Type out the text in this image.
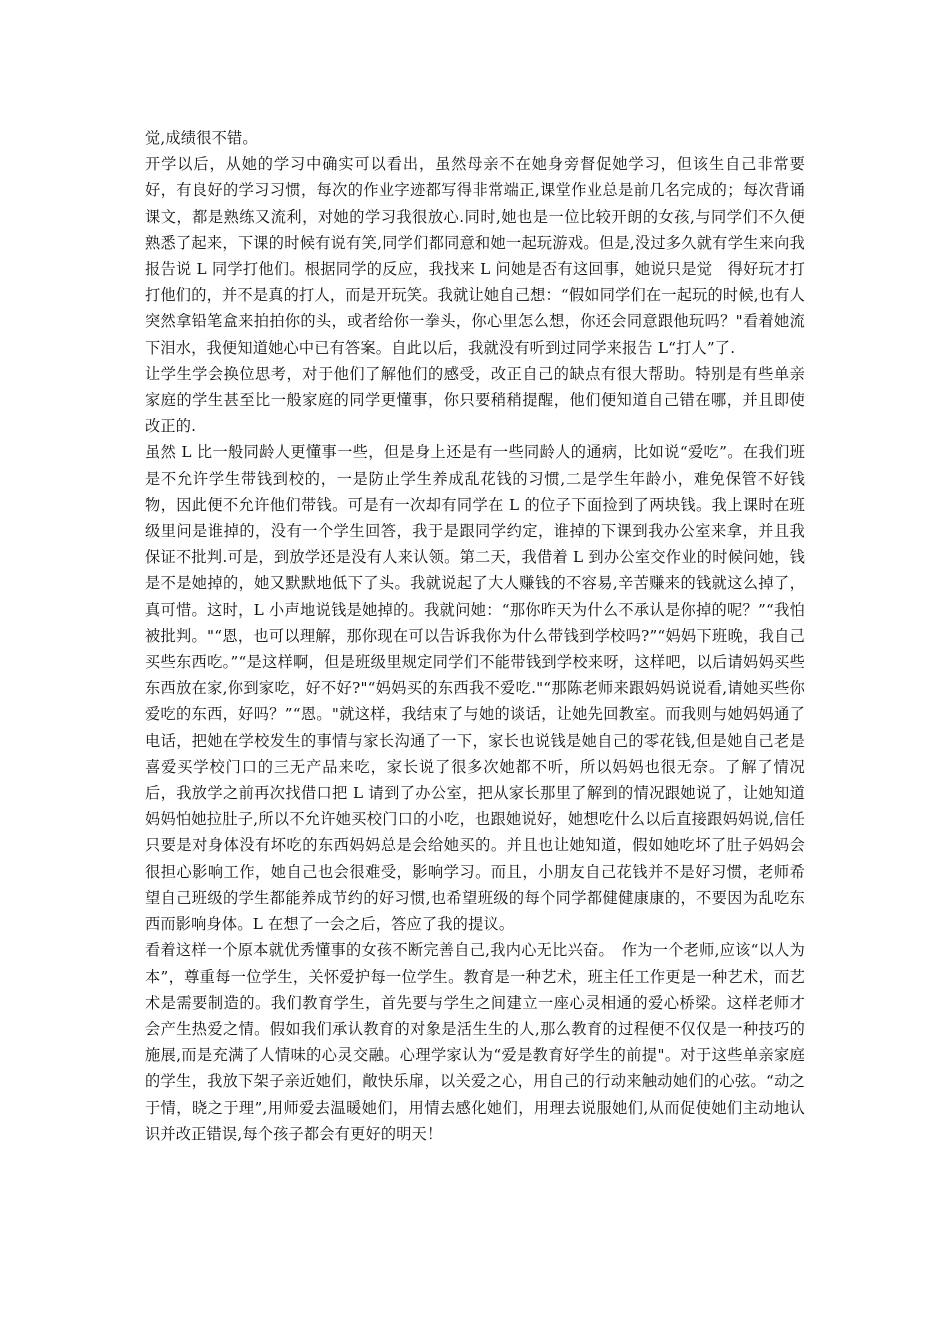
觉,成绩很不错。

开学以后，从她的学习中确实可以看出，虽然母亲不在她身旁督促她学习，但该生自己非常要好，有良好的学习习惯，每次的作业字迹都写得非常端正,课堂作业总是前几名完成的；每次背诵课文，都是熟练又流利，对她的学习我很放心.同时,她也是一位比较开朗的女孩,与同学们不久便熟悉了起来，下课的时候有说有笑,同学们都同意和她一起玩游戏。但是,没过多久就有学生来向我报告说 L 同学打他们。根据同学的反应，我找来 L 问她是否有这回事，她说只是觉　得好玩才打打他们的，并不是真的打人，而是开玩笑。我就让她自己想：“假如同学们在一起玩的时候,也有人突然拿铅笔盒来拍拍你的头，或者给你一拳头，你心里怎么想，你还会同意跟他玩吗？"看着她流下泪水，我便知道她心中已有答案。自此以后，我就没有听到过同学来报告 L“打人”了.

让学生学会换位思考，对于他们了解他们的感受，改正自己的缺点有很大帮助。特别是有些单亲家庭的学生甚至比一般家庭的同学更懂事，你只要稍稍提醒，他们便知道自己错在哪，并且即使改正的.

虽然 L 比一般同龄人更懂事一些，但是身上还是有一些同龄人的通病，比如说“爱吃”。在我们班是不允许学生带钱到校的，一是防止学生养成乱花钱的习惯,二是学生年龄小，难免保管不好钱物，因此便不允许他们带钱。可是有一次却有同学在 L 的位子下面捡到了两块钱。我上课时在班级里问是谁掉的，没有一个学生回答，我于是跟同学约定，谁掉的下课到我办公室来拿，并且我保证不批判.可是，到放学还是没有人来认领。第二天，我借着 L 到办公室交作业的时候问她，钱是不是她掉的，她又默默地低下了头。我就说起了大人赚钱的不容易,辛苦赚来的钱就这么掉了，真可惜。这时，L 小声地说钱是她掉的。我就问她：“那你昨天为什么不承认是你掉的呢？”“我怕被批判。"“恩，也可以理解，那你现在可以告诉我你为什么带钱到学校吗?”“妈妈下班晚，我自己买些东西吃。”“是这样啊，但是班级里规定同学们不能带钱到学校来呀，这样吧，以后请妈妈买些东西放在家,你到家吃，好不好?"“妈妈买的东西我不爱吃."“那陈老师来跟妈妈说说看,请她买些你爱吃的东西，好吗？”“恩。"就这样，我结束了与她的谈话，让她先回教室。而我则与她妈妈通了电话，把她在学校发生的事情与家长沟通了一下，家长也说钱是她自己的零花钱,但是她自己老是喜爱买学校门口的三无产品来吃，家长说了很多次她都不听，所以妈妈也很无奈。了解了情况后，我放学之前再次找借口把 L 请到了办公室，把从家长那里了解到的情况跟她说了，让她知道妈妈怕她拉肚子,所以不允许她买校门口的小吃，也跟她说好，她想吃什么以后直接跟妈妈说,信任只要是对身体没有坏吃的东西妈妈总是会给她买的。并且也让她知道，假如她吃坏了肚子妈妈会很担心影响工作，她自己也会很难受，影响学习。而且，小朋友自己花钱并不是好习惯，老师希望自己班级的学生都能养成节约的好习惯,也希望班级的每个同学都健健康康的，不要因为乱吃东西而影响身体。L 在想了一会之后，答应了我的提议。

看着这样一个原本就优秀懂事的女孩不断完善自己,我内心无比兴奋。　作为一个老师,应该“以人为本”，尊重每一位学生，关怀爱护每一位学生。教育是一种艺术，班主任工作更是一种艺术，而艺术是需要制造的。我们教育学生，首先要与学生之间建立一座心灵相通的爱心桥梁。这样老师才会产生热爱之情。假如我们承认教育的对象是活生生的人,那么教育的过程便不仅仅是一种技巧的施展,而是充满了人情味的心灵交融。心理学家认为“爱是教育好学生的前提"。对于这些单亲家庭的学生，我放下架子亲近她们，敞快乐扉，以关爱之心，用自己的行动来触动她们的心弦。“动之于情，晓之于理”,用师爱去温暖她们，用情去感化她们，用理去说服她们,从而促使她们主动地认识并改正错误,每个孩子都会有更好的明天！
